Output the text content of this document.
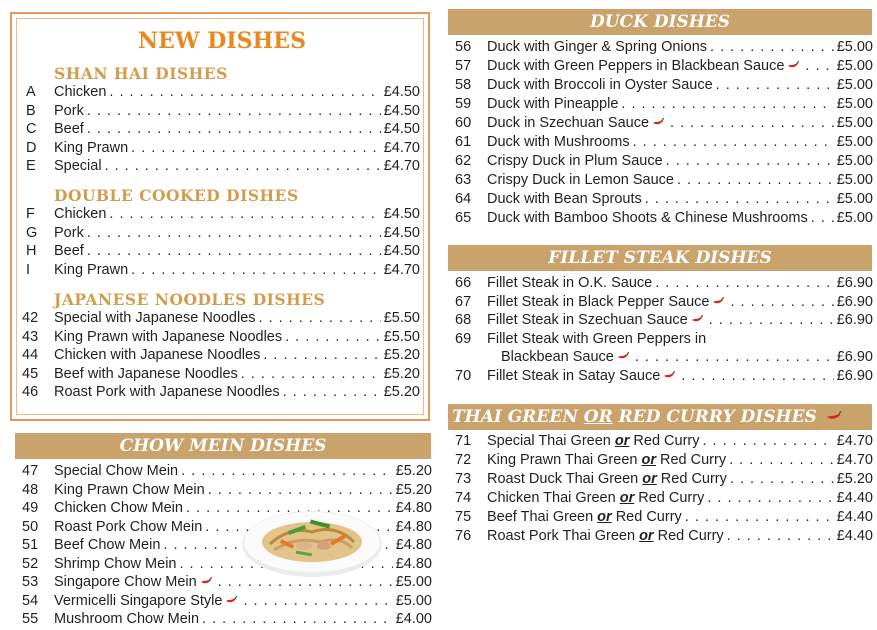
NEW DISHES
SHAN HAI DISHES
A	Chicken . . .	£4.50
B	Pork . . .	£4.50
C	Beef . . .	£4.50
D	King Prawn . . .	£4.70
E	Special . . .	£4.70
DOUBLE COOKED DISHES
F	Chicken . . .	£4.50
G	Pork . . .	£4.50
H	Beef . . .	£4.50
I	King Prawn . . .	£4.70
JAPANESE NOODLES DISHES
42	Special with Japanese Noodles . . .	£5.50
43	King Prawn with Japanese Noodles . . .	£5.50
44	Chicken with Japanese Noodles . . .	£5.20
45	Beef with Japanese Noodles . . .	£5.20
46	Roast Pork with Japanese Noodles . . .	£5.20
CHOW MEIN DISHES
47	Special Chow Mein . . .	£5.20
48	King Prawn Chow Mein . . .	£5.20
49	Chicken Chow Mein . . .	£4.80
50	Roast Pork Chow Mein . . .	£4.80
51	Beef Chow Mein . . .	£4.80
52	Shrimp Chow Mein . . .	£4.80
53	Singapore Chow Mein . . .	£5.00
54	Vermicelli Singapore Style . . .	£5.00
55	Mushroom Chow Mein . . .	£4.00
DUCK DISHES
56	Duck with Ginger & Spring Onions . . .	£5.00
57	Duck with Green Peppers in Blackbean Sauce . . .	£5.00
58	Duck with Broccoli in Oyster Sauce . . .	£5.00
59	Duck with Pineapple . . .	£5.00
60	Duck in Szechuan Sauce . . .	£5.00
61	Duck with Mushrooms . . .	£5.00
62	Crispy Duck in Plum Sauce . . .	£5.00
63	Crispy Duck in Lemon Sauce . . .	£5.00
64	Duck with Bean Sprouts . . .	£5.00
65	Duck with Bamboo Shoots & Chinese Mushrooms . . . £5.00
FILLET STEAK DISHES
66	Fillet Steak in O.K. Sauce . . .	£6.90
67	Fillet Steak in Black Pepper Sauce . . .	£6.90
68	Fillet Steak in Szechuan Sauce . . .	£6.90
69	Fillet Steak with Green Peppers in
Blackbean Sauce . . .	£6.90
70	Fillet Steak in Satay Sauce . . .	£6.90
THAI GREEN OR RED CURRY DISHES
71	Special Thai Green or Red Curry . . .	£4.70
72	King Prawn Thai Green or Red Curry . . .	£4.70
73	Roast Duck Thai Green or Red Curry . . .	£5.20
74	Chicken Thai Green or Red Curry . . .	£4.40
75	Beef Thai Green or Red Curry . . .	£4.40
76	Roast Pork Thai Green or Red Curry . . .	£4.40
